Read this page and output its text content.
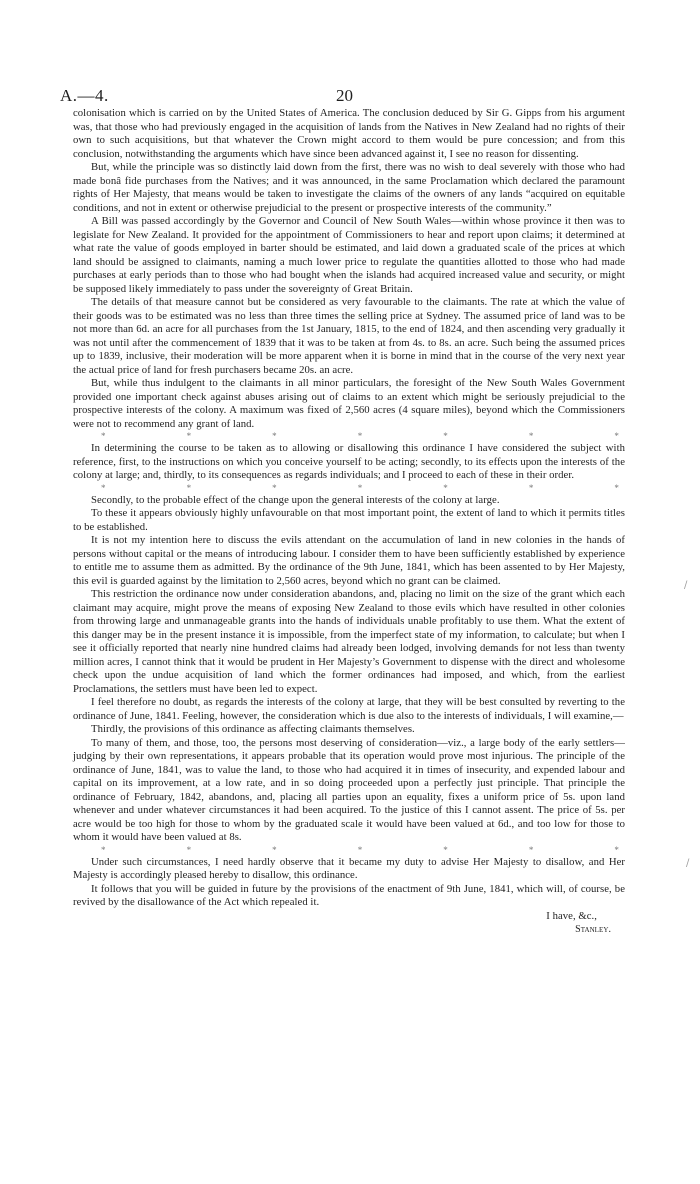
A.—4.	20

colonisation which is carried on by the United States of America. The conclusion deduced by Sir G. Gipps from his argument was, that those who had previously engaged in the acquisition of lands from the Natives in New Zealand had no rights of their own to such acquisitions, but that whatever the Crown might accord to them would be pure concession; and from this conclusion, notwithstanding the arguments which have since been advanced against it, I see no reason for dissenting.

But, while the principle was so distinctly laid down from the first, there was no wish to deal severely with those who had made bonâ fide purchases from the Natives; and it was announced, in the same Proclamation which declared the paramount rights of Her Majesty, that means would be taken to investigate the claims of the owners of any lands “acquired on equitable conditions, and not in extent or otherwise prejudicial to the present or prospective interests of the community.”

A Bill was passed accordingly by the Governor and Council of New South Wales—within whose province it then was to legislate for New Zealand. It provided for the appointment of Commissioners to hear and report upon claims; it determined at what rate the value of goods employed in barter should be estimated, and laid down a graduated scale of the prices at which land should be assigned to claimants, naming a much lower price to regulate the quantities allotted to those who had made purchases at early periods than to those who had bought when the islands had acquired increased value and security, or might be supposed likely immediately to pass under the sovereignty of Great Britain.

The details of that measure cannot but be considered as very favourable to the claimants. The rate at which the value of their goods was to be estimated was no less than three times the selling price at Sydney. The assumed price of land was to be not more than 6d. an acre for all purchases from the 1st January, 1815, to the end of 1824, and then ascending very gradually it was not until after the commencement of 1839 that it was to be taken at from 4s. to 8s. an acre. Such being the assumed prices up to 1839, inclusive, their moderation will be more apparent when it is borne in mind that in the course of the very next year the actual price of land for fresh purchasers became 20s. an acre.

But, while thus indulgent to the claimants in all minor particulars, the foresight of the New South Wales Government provided one important check against abuses arising out of claims to an extent which might be seriously prejudicial to the prospective interests of the colony. A maximum was fixed of 2,560 acres (4 square miles), beyond which the Commissioners were not to recommend any grant of land.

*	*	*	*	*	*	*

In determining the course to be taken as to allowing or disallowing this ordinance I have considered the subject with reference, first, to the instructions on which you conceive yourself to be acting; secondly, to its effects upon the interests of the colony at large; and, thirdly, to its consequences as regards individuals; and I proceed to each of these in their order.

*	*	*	*	*	*	*

Secondly, to the probable effect of the change upon the general interests of the colony at large.

To these it appears obviously highly unfavourable on that most important point, the extent of land to which it permits titles to be established.

It is not my intention here to discuss the evils attendant on the accumulation of land in new colonies in the hands of persons without capital or the means of introducing labour. I consider them to have been sufficiently established by experience to entitle me to assume them as admitted. By the ordinance of the 9th June, 1841, which has been assented to by Her Majesty, this evil is guarded against by the limitation to 2,560 acres, beyond which no grant can be claimed.

This restriction the ordinance now under consideration abandons, and, placing no limit on the size of the grant which each claimant may acquire, might prove the means of exposing New Zealand to those evils which have resulted in other colonies from throwing large and unmanageable grants into the hands of individuals unable profitably to use them. What the extent of this danger may be in the present instance it is impossible, from the imperfect state of my information, to calculate; but when I see it officially reported that nearly nine hundred claims had already been lodged, involving demands for not less than twenty million acres, I cannot think that it would be prudent in Her Majesty’s Government to dispense with the direct and wholesome check upon the undue acquisition of land which the former ordinances had imposed, and which, from the earliest Proclamations, the settlers must have been led to expect.

I feel therefore no doubt, as regards the interests of the colony at large, that they will be best consulted by reverting to the ordinance of June, 1841. Feeling, however, the consideration which is due also to the interests of individuals, I will examine,—

Thirdly, the provisions of this ordinance as affecting claimants themselves.

To many of them, and those, too, the persons most deserving of consideration—viz., a large body of the early settlers—judging by their own representations, it appears probable that its operation would prove most injurious. The principle of the ordinance of June, 1841, was to value the land, to those who had acquired it in times of insecurity, and expended labour and capital on its improvement, at a low rate, and in so doing proceeded upon a perfectly just principle. That principle the ordinance of February, 1842, abandons, and, placing all parties upon an equality, fixes a uniform price of 5s. upon land whenever and under whatever circumstances it had been acquired. To the justice of this I cannot assent. The price of 5s. per acre would be too high for those to whom by the graduated scale it would have been valued at 6d., and too low for those to whom it would have been valued at 8s.

*	*	*	*	*	*	*

Under such circumstances, I need hardly observe that it became my duty to advise Her Majesty to disallow, and Her Majesty is accordingly pleased hereby to disallow, this ordinance.

It follows that you will be guided in future by the provisions of the enactment of 9th June, 1841, which will, of course, be revived by the disallowance of the Act which repealed it.

I have, &c.,
Stanley.
/
/
